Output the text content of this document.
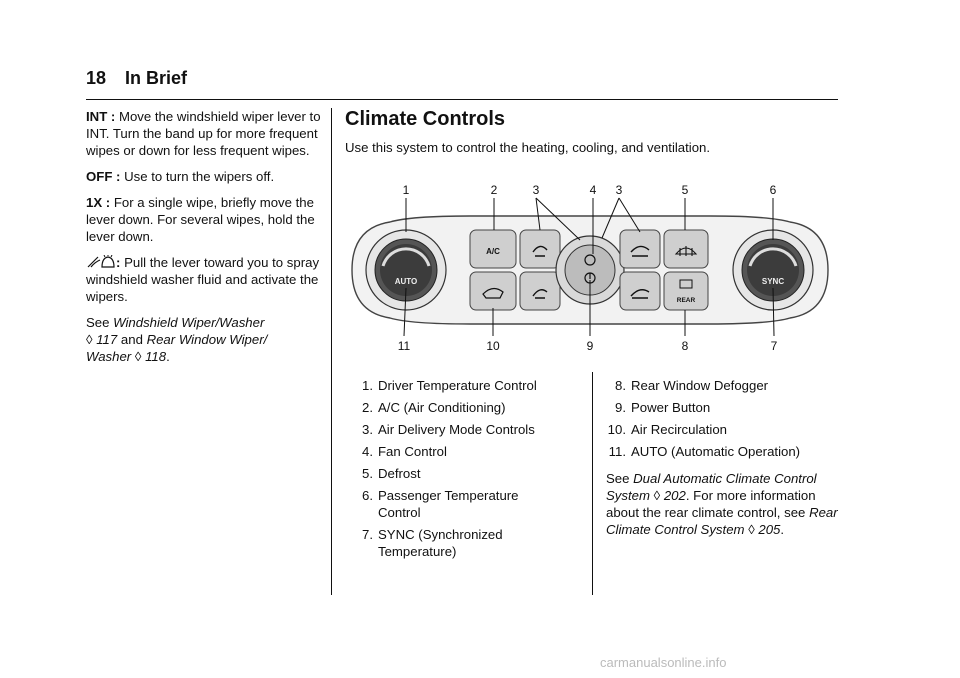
18 In Brief

INT : Move the windshield wiper lever to INT. Turn the band up for more frequent wipes or down for less frequent wipes.

OFF : Use to turn the wipers off.

1X : For a single wipe, briefly move the lever down. For several wipes, hold the lever down.

: Pull the lever toward you to spray windshield washer fluid and activate the wipers.

See Windshield Wiper/Washer
◊ 117 and Rear Window Wiper/ Washer ◊ 118.

Climate Controls
Use this system to control the heating, cooling, and ventilation.
1	2	3	4 3	5	6
11	10	9	8	7
AUTO	SYNC
A/C
REAR
1. Driver Temperature Control
2. A/C (Air Conditioning)
3. Air Delivery Mode Controls
4. Fan Control
5. Defrost
6. Passenger Temperature Control
7. SYNC (Synchronized Temperature)
8. Rear Window Defogger
9. Power Button
10. Air Recirculation
11. AUTO (Automatic Operation)
See Dual Automatic Climate Control System ◊ 202. For more information about the rear climate control, see Rear Climate Control System ◊ 205.
carmanualsonline.info
